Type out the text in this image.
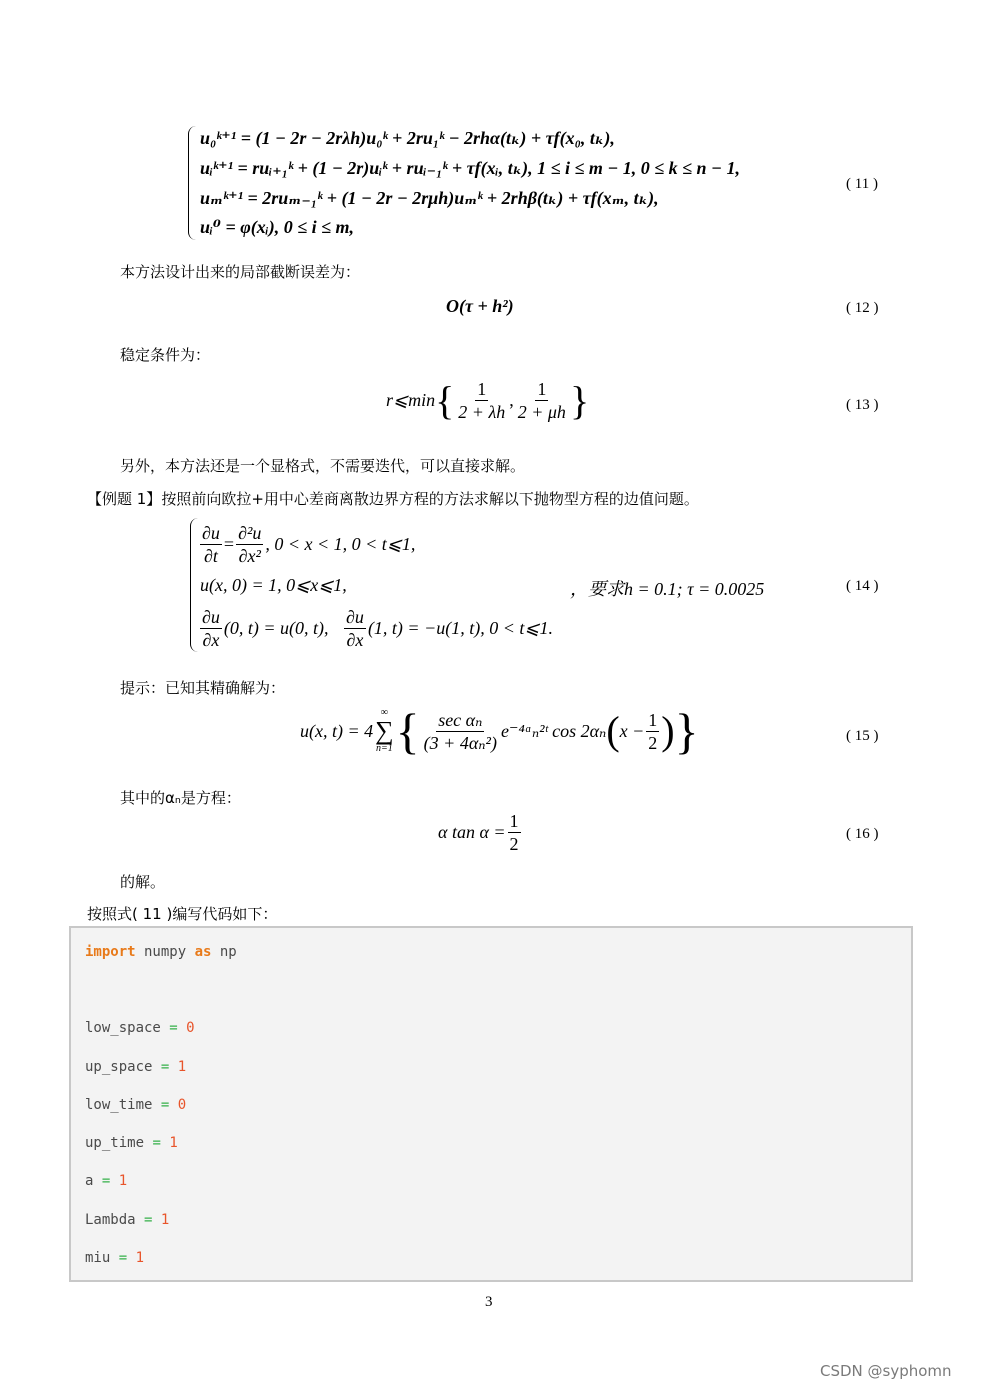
u₀ᵏ⁺¹ = (1 − 2r − 2rλh)u₀ᵏ + 2ru₁ᵏ − 2rhα(tₖ) + τf(x₀, tₖ),
uᵢᵏ⁺¹ = ruᵢ₊₁ᵏ + (1 − 2r)uᵢᵏ + ruᵢ₋₁ᵏ + τf(xᵢ, tₖ), 1 ≤ i ≤ m − 1, 0 ≤ k ≤ n − 1,
uₘᵏ⁺¹ = 2ruₘ₋₁ᵏ + (1 − 2r − 2rμh)uₘᵏ + 2rhβ(tₖ) + τf(xₘ, tₖ),
uᵢ⁰ = φ(xᵢ), 0 ≤ i ≤ m,
( 11 )
本方法设计出来的局部截断误差为：
O(τ + h²)	( 12 )
稳定条件为：
r⩽min { $\frac{1}{2 + \lambda h}$ , $\frac{1}{2 + \mu h}$ }	( 13 )
另外，本方法还是一个显格式，不需要迭代，可以直接求解。
【例题 1】按照前向欧拉+用中心差商离散边界方程的方法求解以下抛物型方程的边值问题。
$\frac{\partial u}{\partial t} = \frac{\text{∂²u}}{\text{∂x²}}$ , 0 < x < 1, 0 < t⩽1,
u(x, 0) = 1, 0⩽x⩽1,
$\frac{\partial u}{\partial x} (0$, t) = u(0, t), $\frac{\partial u}{\partial x} (1$, t) = −u(1, t), 0 < t⩽1.
，要求h = 0.1; τ = 0.0025	( 14 )
提示：已知其精确解为：
u(x, t) = 4
∞
∑
n=1 { $\frac{\text{sec αₙ}}{\text{(3 + 4αₙ²)}}$ e⁻⁴ᵅₙ²ᵗ cos 2αₙ ( $x - \frac{1}{2}$ ) }	( 15 )
其中的αₙ是方程：
α $\tan \alpha = \frac{1}{2}$	( 16 )
的解。
按照式( 11 )编写代码如下：
import numpy as np
low_space = 0
up_space = 1
low_time = 0
up_time = 1
a = 1
Lambda = 1
miu = 1
3
CSDN @syphomn
